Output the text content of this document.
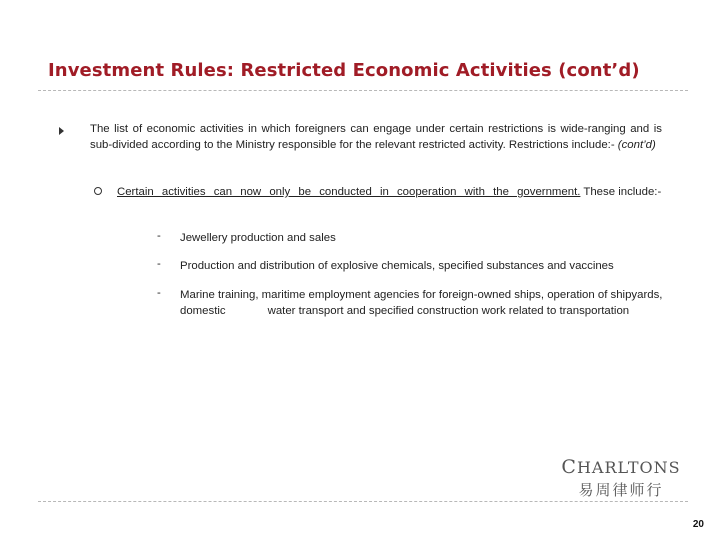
Investment Rules: Restricted Economic Activities (cont’d)
The list of economic activities in which foreigners can engage under certain restrictions is wide-ranging and is sub-divided according to the Ministry responsible for the relevant restricted activity. Restrictions include:- (cont’d)
Certain activities can now only be conducted in cooperation with the government. These include:-
- Jewellery production and sales
- Production and distribution of explosive chemicals, specified substances and vaccines
- Marine training, maritime employment agencies for foreign-owned ships, operation of shipyards, domestic	water transport and specified construction work related to transportation
CHARLTONS
易周律师行
20
